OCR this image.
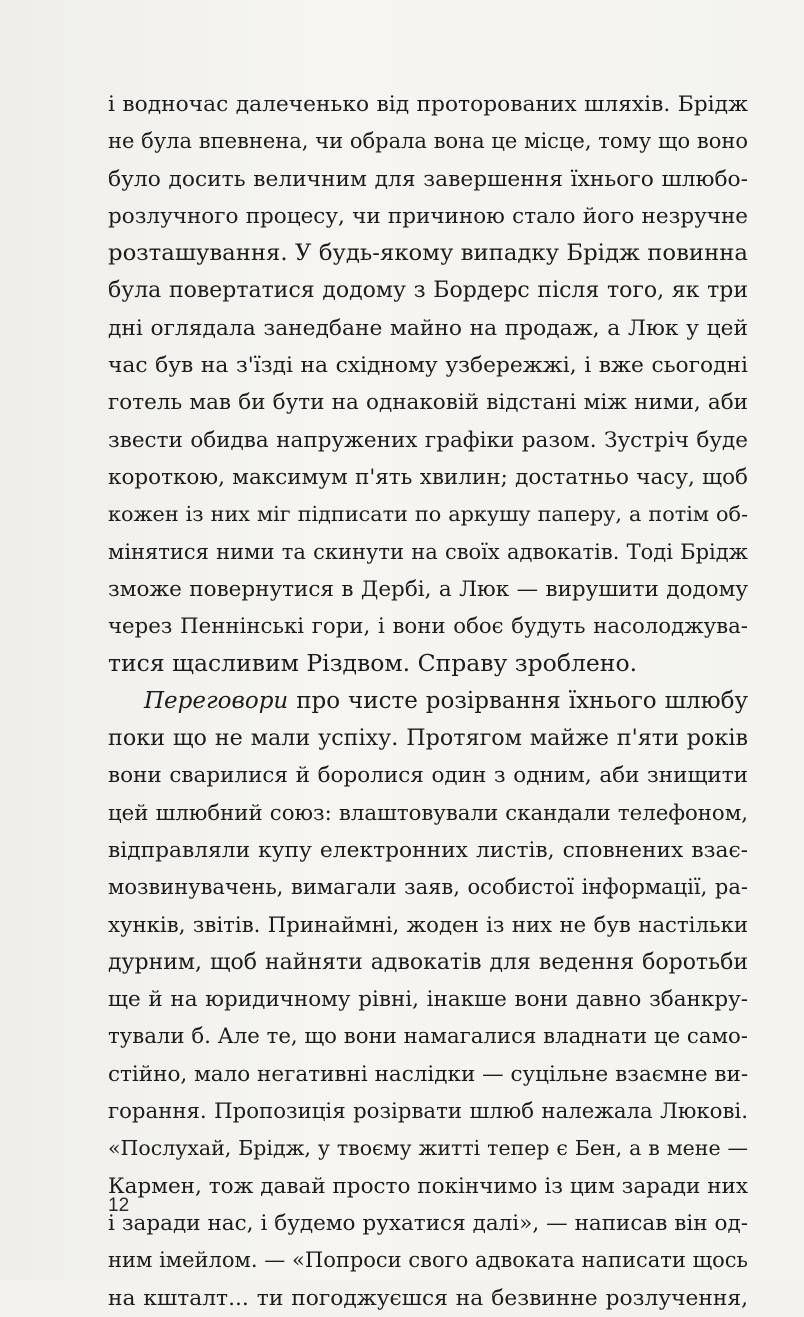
і водночас далеченько від проторованих шляхів. Брідж
не була впевнена, чи обрала вона це місце, тому що воно
було досить величним для завершення їхнього шлюбо-
розлучного процесу, чи причиною стало його незручне
розташування. У будь-якому випадку Брідж повинна
була повертатися додому з Бордерс після того, як три
дні оглядала занедбане майно на продаж, а Люк у цей
час був на з'їзді на східному узбережжі, і вже сьогодні
готель мав би бути на однаковій відстані між ними, аби
звести обидва напружених графіки разом. Зустріч буде
короткою, максимум п'ять хвилин; достатньо часу, щоб
кожен із них міг підписати по аркушу паперу, а потім об-
мінятися ними та скинути на своїх адвокатів. Тоді Брідж
зможе повернутися в Дербі, а Люк — вирушити додому
через Пеннінські гори, і вони обоє будуть насолоджува-
тися щасливим Різдвом. Справу зроблено.
Переговори про чисте розірвання їхнього шлюбу
поки що не мали успіху. Протягом майже п'яти років
вони сварилися й боролися один з одним, аби знищити
цей шлюбний союз: влаштовували скандали телефоном,
відправляли купу електронних листів, сповнених взає-
мозвинувачень, вимагали заяв, особистої інформації, ра-
хунків, звітів. Принаймні, жоден із них не був настільки
дурним, щоб найняти адвокатів для ведення боротьби
ще й на юридичному рівні, інакше вони давно збанкру-
тували б. Але те, що вони намагалися владнати це само-
стійно, мало негативні наслідки — суцільне взаємне ви-
горання. Пропозиція розірвати шлюб належала Люкові.
«Послухай, Брідж, у твоєму житті тепер є Бен, а в мене —
Кармен, тож давай просто покінчимо із цим заради них
і заради нас, і будемо рухатися далі», — написав він од-
ним імейлом. — «Попроси свого адвоката написати щось
на кшталт... ти погоджуєшся на безвинне розлучення,
12
